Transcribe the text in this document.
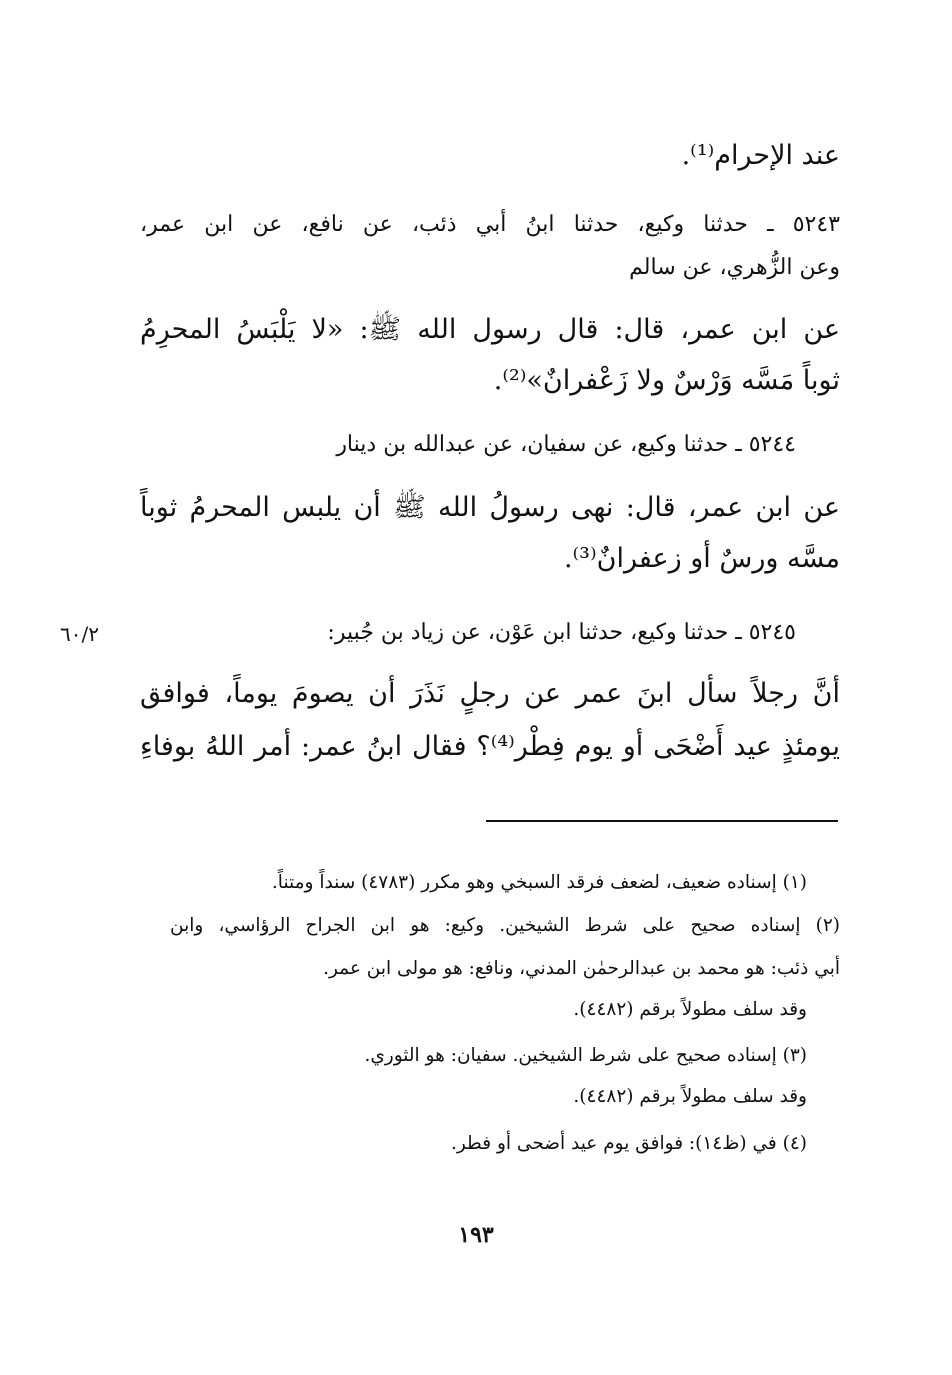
عند الإحرام⁽¹⁾.
٥٢٤٣ ـ حدثنا وكيع، حدثنا ابنُ أبي ذئب، عن نافع، عن ابن عمر،
وعن الزُّهري، عن سالم
عن ابن عمر، قال: قال رسول الله ﷺ: «لا يَلْبَسُ المحرِمُ
ثوباً مَسَّه وَرْسٌ ولا زَعْفرانٌ»⁽²⁾.
٥٢٤٤ ـ حدثنا وكيع، عن سفيان، عن عبدالله بن دينار
عن ابن عمر، قال: نهى رسولُ الله ﷺ أن يلبس المحرمُ ثوباً
مسَّه ورسٌ أو زعفرانٌ⁽³⁾.
٦٠/٢	٥٢٤٥ ـ حدثنا وكيع، حدثنا ابن عَوْن، عن زياد بن جُبير:
أنَّ رجلاً سأل ابنَ عمر عن رجلٍ نَذَرَ أن يصومَ يوماً، فوافق
يومئذٍ عيد أَضْحَى أو يوم فِطْر⁽⁴⁾؟ فقال ابنُ عمر: أمر اللهُ بوفاءِ
(١) إسناده ضعيف، لضعف فرقد السبخي وهو مكرر (٤٧٨٣) سنداً ومتناً.
(٢) إسناده صحيح على شرط الشيخين. وكيع: هو ابن الجراح الرؤاسي، وابن
أبي ذئب: هو محمد بن عبدالرحمٰن المدني، ونافع: هو مولى ابن عمر.
وقد سلف مطولاً برقم (٤٤٨٢).
(٣) إسناده صحيح على شرط الشيخين. سفيان: هو الثوري.
وقد سلف مطولاً برقم (٤٤٨٢).
(٤) في (ظ١٤): فوافق يوم عيد أضحى أو فطر.
١٩٣
